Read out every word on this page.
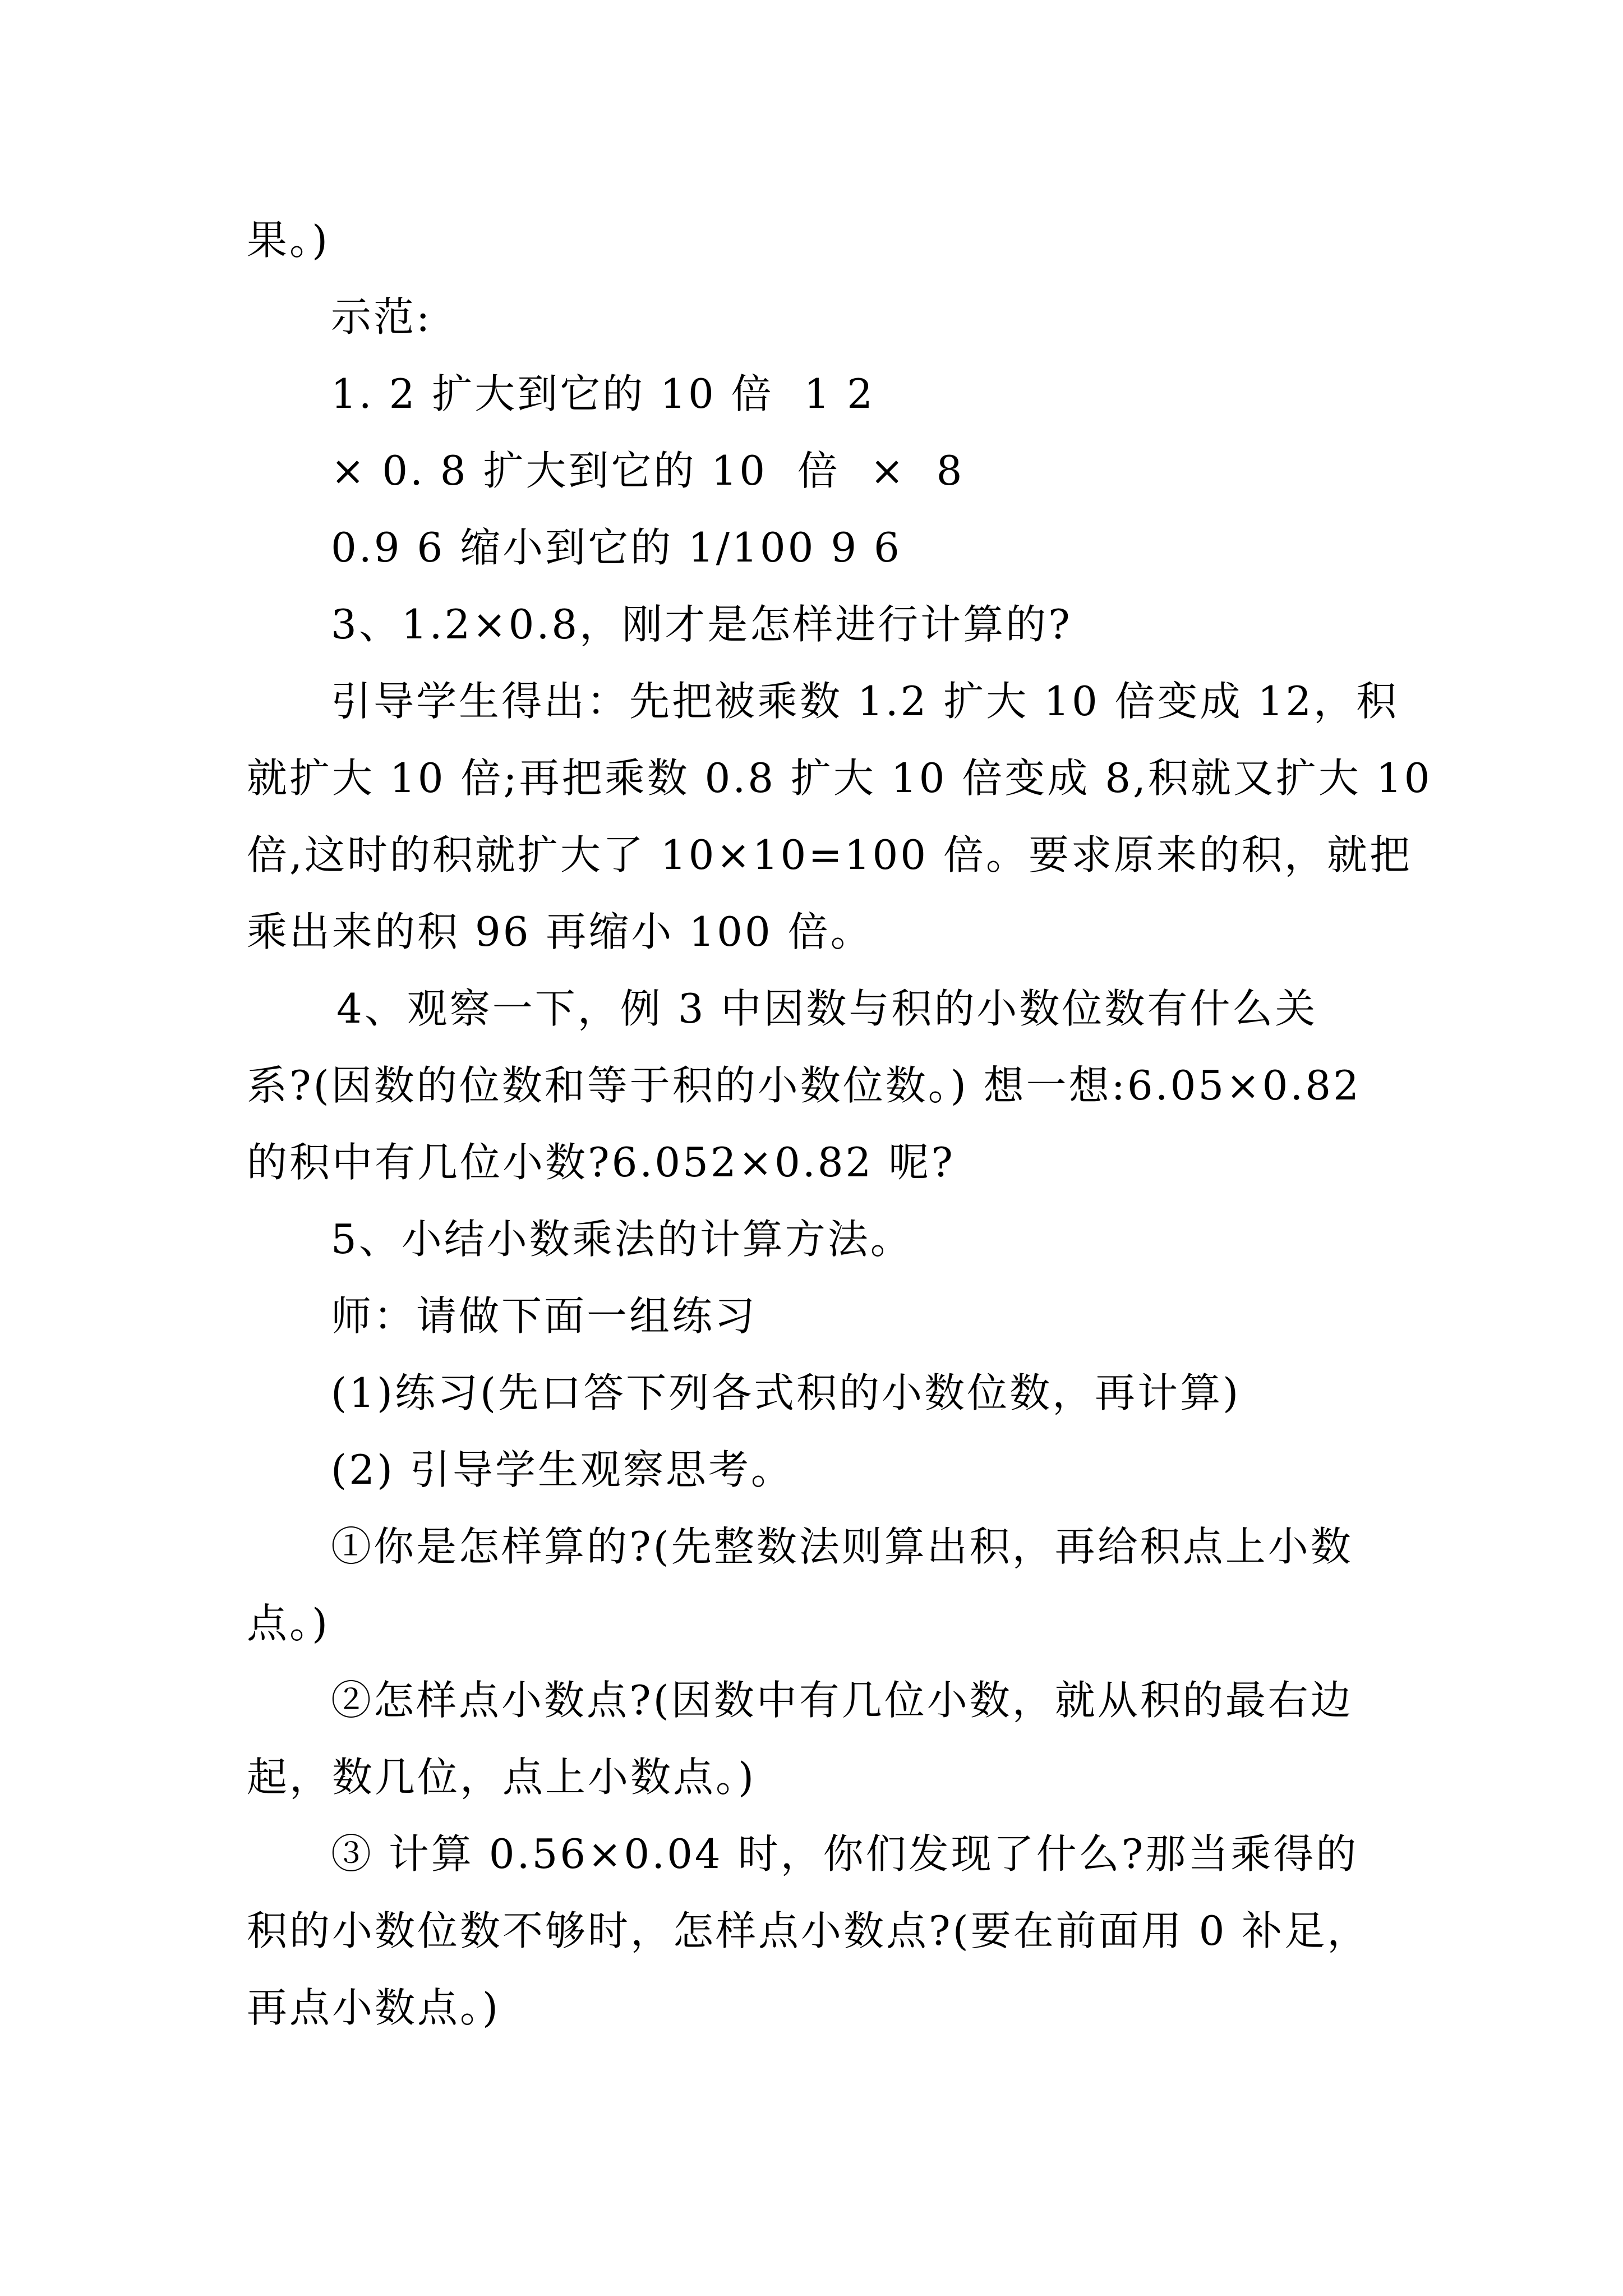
果。)
示范:
1. 2 扩大到它的 10 倍  1 2
× 0. 8 扩大到它的 10  倍  ×  8
0.9 6 缩小到它的 1/100 9 6
3、1.2×0.8，刚才是怎样进行计算的?
引导学生得出：先把被乘数 1.2 扩大 10 倍变成 12，积
就扩大 10 倍;再把乘数 0.8 扩大 10 倍变成 8,积就又扩大 10
倍,这时的积就扩大了 10×10=100 倍。要求原来的积，就把
乘出来的积 96 再缩小 100 倍。
4、观察一下，例 3 中因数与积的小数位数有什么关
系?(因数的位数和等于积的小数位数。) 想一想:6.05×0.82
的积中有几位小数?6.052×0.82 呢?
5、小结小数乘法的计算方法。
师：请做下面一组练习
(1)练习(先口答下列各式积的小数位数，再计算)
(2) 引导学生观察思考。
①你是怎样算的?(先整数法则算出积，再给积点上小数
点。)
②怎样点小数点?(因数中有几位小数，就从积的最右边
起，数几位，点上小数点。)
③ 计算 0.56×0.04 时，你们发现了什么?那当乘得的
积的小数位数不够时，怎样点小数点?(要在前面用 0 补足，
再点小数点。)
